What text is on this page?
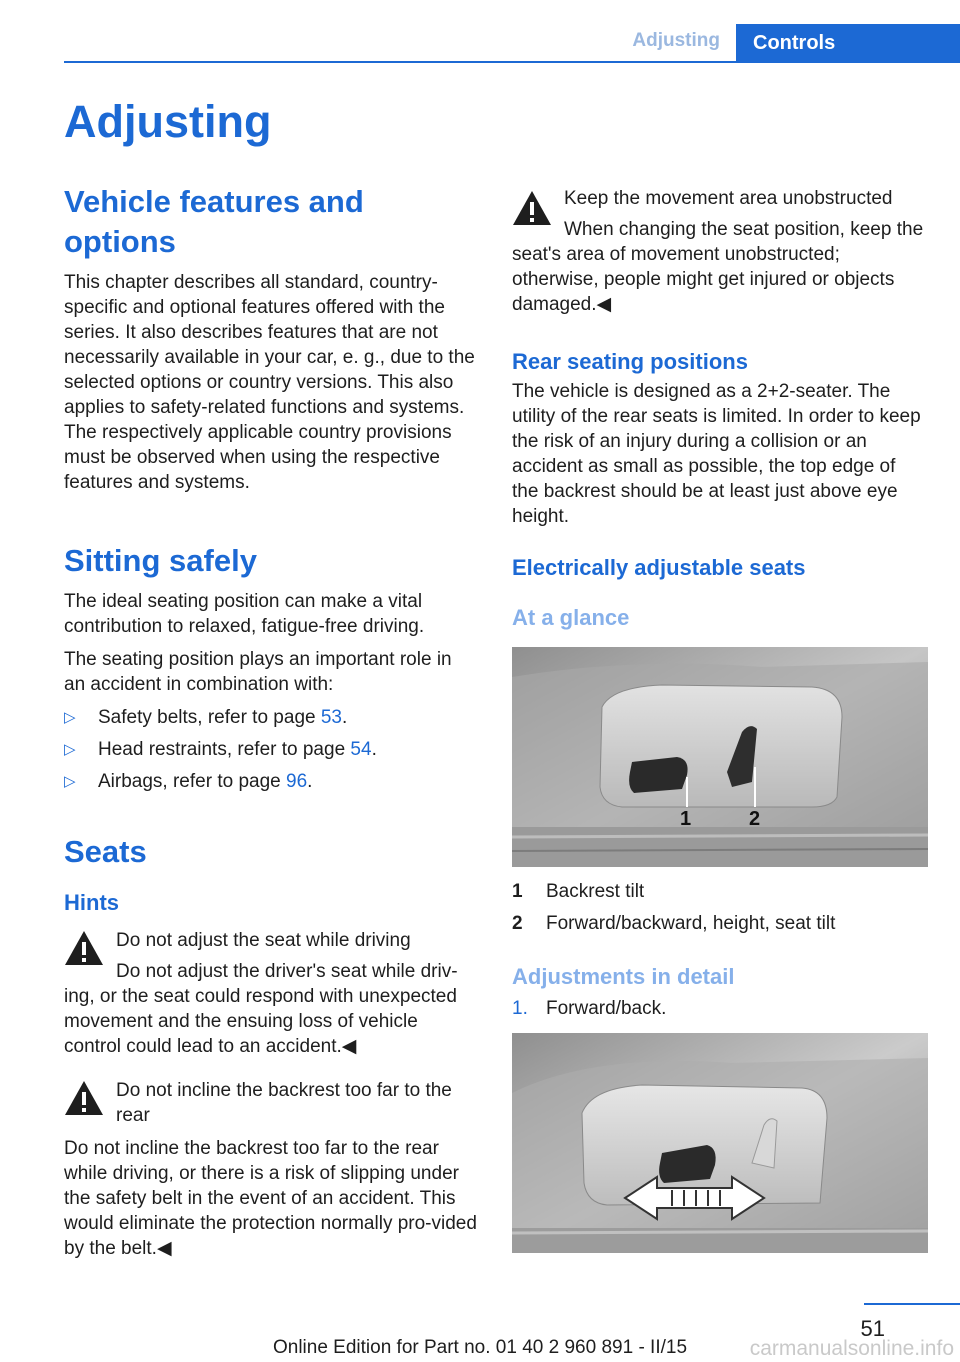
Adjusting	Controls
Adjusting
Vehicle features and options

This chapter describes all standard, country-specific and optional features offered with the series. It also describes features that are not necessarily available in your car, e. g., due to the selected options or country versions. This also applies to safety-related functions and systems. The respectively applicable country provisions must be observed when using the respective features and systems.

Sitting safely

The ideal seating position can make a vital contribution to relaxed, fatigue-free driving.

The seating position plays an important role in an accident in combination with:

▷	Safety belts, refer to page 53.
▷	Head restraints, refer to page 54.
▷	Airbags, refer to page 96.
Seats
Hints
Do not adjust the seat while driving
Do not adjust the driver's seat while driv‐ing, or the seat could respond with unexpected movement and the ensuing loss of vehicle control could lead to an accident.◀
Do not incline the backrest too far to the rear
Do not incline the backrest too far to the rear while driving, or there is a risk of slipping under the safety belt in the event of an accident. This would eliminate the protection normally pro‐vided by the belt.◀
Keep the movement area unobstructed
When changing the seat position, keep the seat's area of movement unobstructed; otherwise, people might get injured or objects damaged.◀
Rear seating positions

The vehicle is designed as a 2+2-seater. The utility of the rear seats is limited. In order to keep the risk of an injury during a collision or an accident as small as possible, the top edge of the backrest should be at least just above eye height.

Electrically adjustable seats
At a glance
1	2
1	Backrest tilt
2	Forward/backward, height, seat tilt
Adjustments in detail
1. Forward/back.
51
Online Edition for Part no. 01 40 2 960 891 - II/15	carmanualsonline.info
